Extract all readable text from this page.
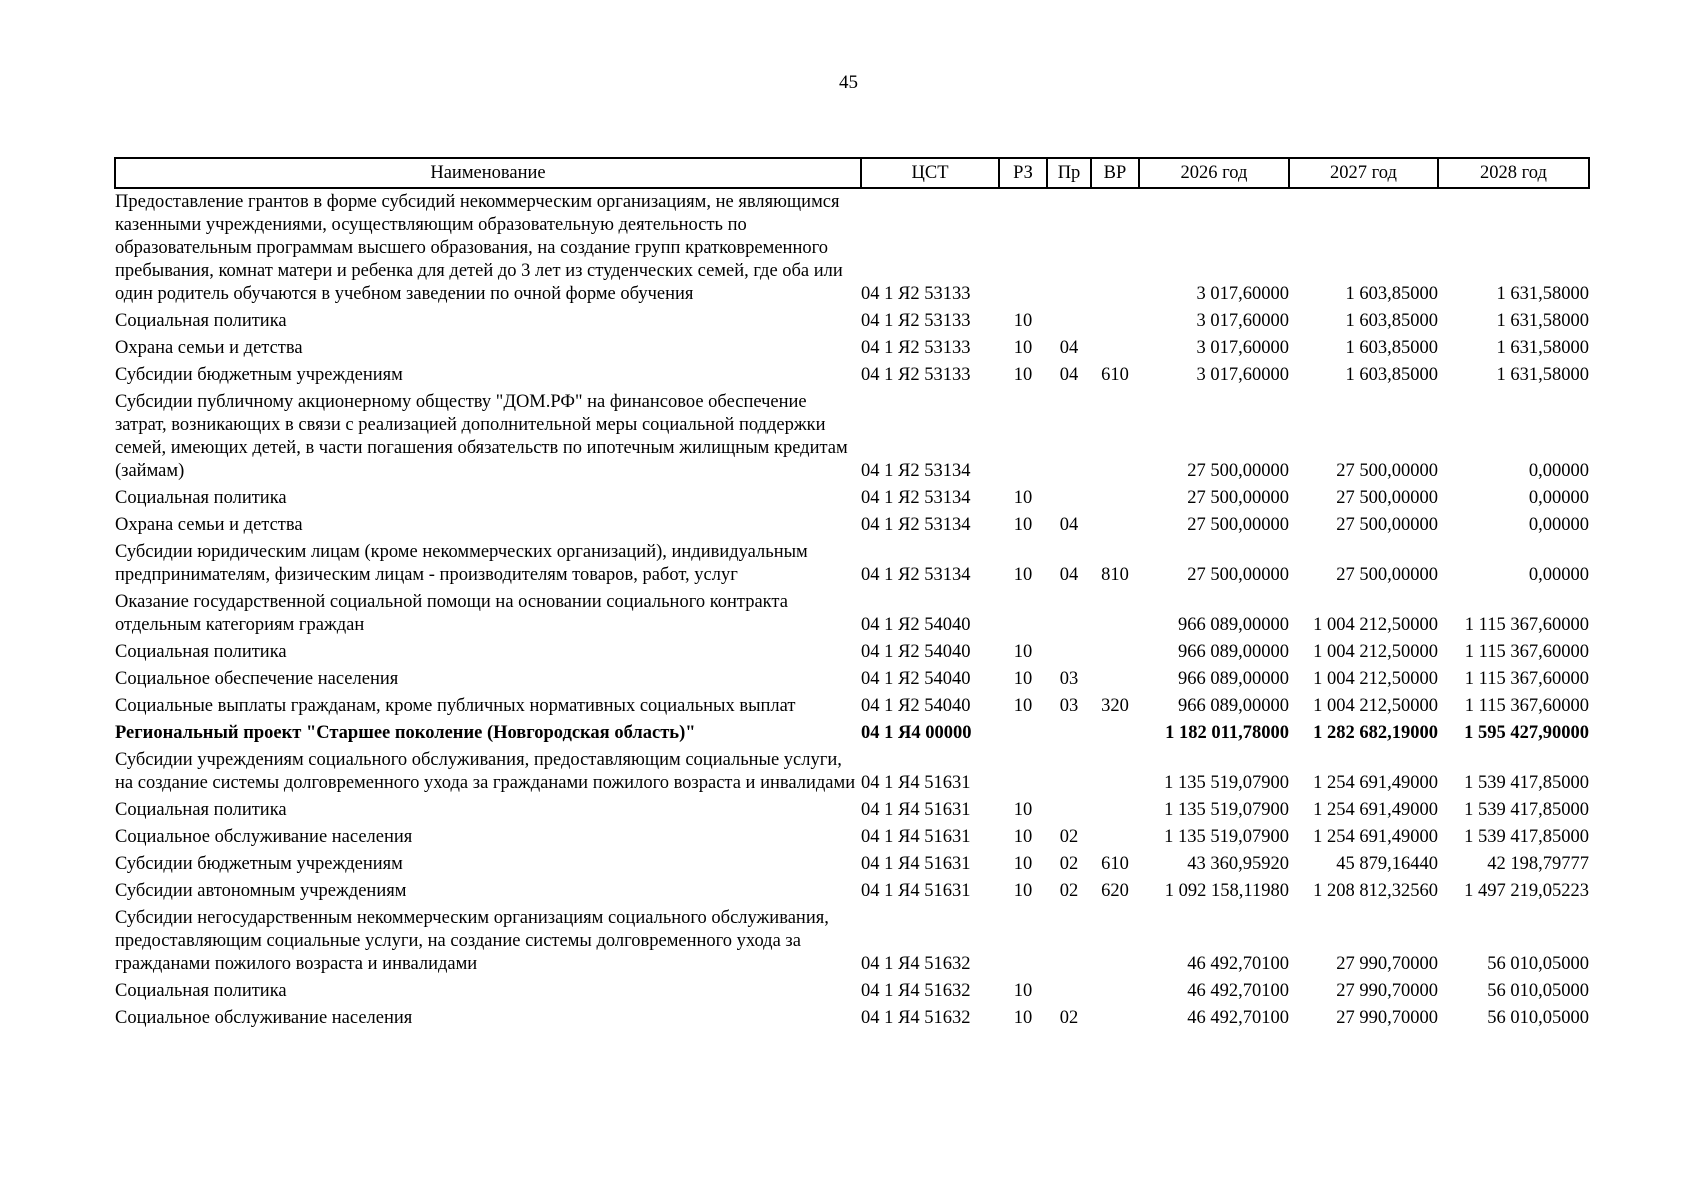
45
Наименование	ЦСТ	РЗ	Пр	ВР	2026 год	2027 год	2028 год
Предоставление грантов в форме субсидий некоммерческим организациям, не являющимся казенными учреждениями, осуществляющим образовательную деятельность по образовательным программам высшего образования, на создание групп кратковременного пребывания, комнат матери и ребенка для детей до 3 лет из студенческих семей, где оба или один родитель обучаются в учебном заведении по очной форме обучения	04 1 Я2 53133				3 017,60000	1 603,85000	1 631,58000
Социальная политика	04 1 Я2 53133	10			3 017,60000	1 603,85000	1 631,58000
Охрана семьи и детства	04 1 Я2 53133	10	04		3 017,60000	1 603,85000	1 631,58000
Субсидии бюджетным учреждениям	04 1 Я2 53133	10	04	610	3 017,60000	1 603,85000	1 631,58000
Субсидии публичному акционерному обществу "ДОМ.РФ" на финансовое обеспечение затрат, возникающих в связи с реализацией дополнительной меры социальной поддержки семей, имеющих детей, в части погашения обязательств по ипотечным жилищным кредитам (займам)	04 1 Я2 53134				27 500,00000	27 500,00000	0,00000
Социальная политика	04 1 Я2 53134	10			27 500,00000	27 500,00000	0,00000
Охрана семьи и детства	04 1 Я2 53134	10	04		27 500,00000	27 500,00000	0,00000
Субсидии юридическим лицам (кроме некоммерческих организаций), индивидуальным предпринимателям, физическим лицам - производителям товаров, работ, услуг	04 1 Я2 53134	10	04	810	27 500,00000	27 500,00000	0,00000
Оказание государственной социальной помощи на основании социального контракта отдельным категориям граждан	04 1 Я2 54040				966 089,00000	1 004 212,50000	1 115 367,60000
Социальная политика	04 1 Я2 54040	10			966 089,00000	1 004 212,50000	1 115 367,60000
Социальное обеспечение населения	04 1 Я2 54040	10	03		966 089,00000	1 004 212,50000	1 115 367,60000
Социальные выплаты гражданам, кроме публичных нормативных социальных выплат	04 1 Я2 54040	10	03	320	966 089,00000	1 004 212,50000	1 115 367,60000
Региональный проект "Старшее поколение (Новгородская область)"	04 1 Я4 00000				1 182 011,78000	1 282 682,19000	1 595 427,90000
Субсидии учреждениям социального обслуживания, предоставляющим социальные услуги, на создание системы долговременного ухода за гражданами пожилого возраста и инвалидами	04 1 Я4 51631				1 135 519,07900	1 254 691,49000	1 539 417,85000
Социальная политика	04 1 Я4 51631	10			1 135 519,07900	1 254 691,49000	1 539 417,85000
Социальное обслуживание населения	04 1 Я4 51631	10	02		1 135 519,07900	1 254 691,49000	1 539 417,85000
Субсидии бюджетным учреждениям	04 1 Я4 51631	10	02	610	43 360,95920	45 879,16440	42 198,79777
Субсидии автономным учреждениям	04 1 Я4 51631	10	02	620	1 092 158,11980	1 208 812,32560	1 497 219,05223
Субсидии негосударственным некоммерческим организациям социального обслуживания, предоставляющим социальные услуги, на создание системы долговременного ухода за гражданами пожилого возраста и инвалидами	04 1 Я4 51632				46 492,70100	27 990,70000	56 010,05000
Социальная политика	04 1 Я4 51632	10			46 492,70100	27 990,70000	56 010,05000
Социальное обслуживание населения	04 1 Я4 51632	10	02		46 492,70100	27 990,70000	56 010,05000
